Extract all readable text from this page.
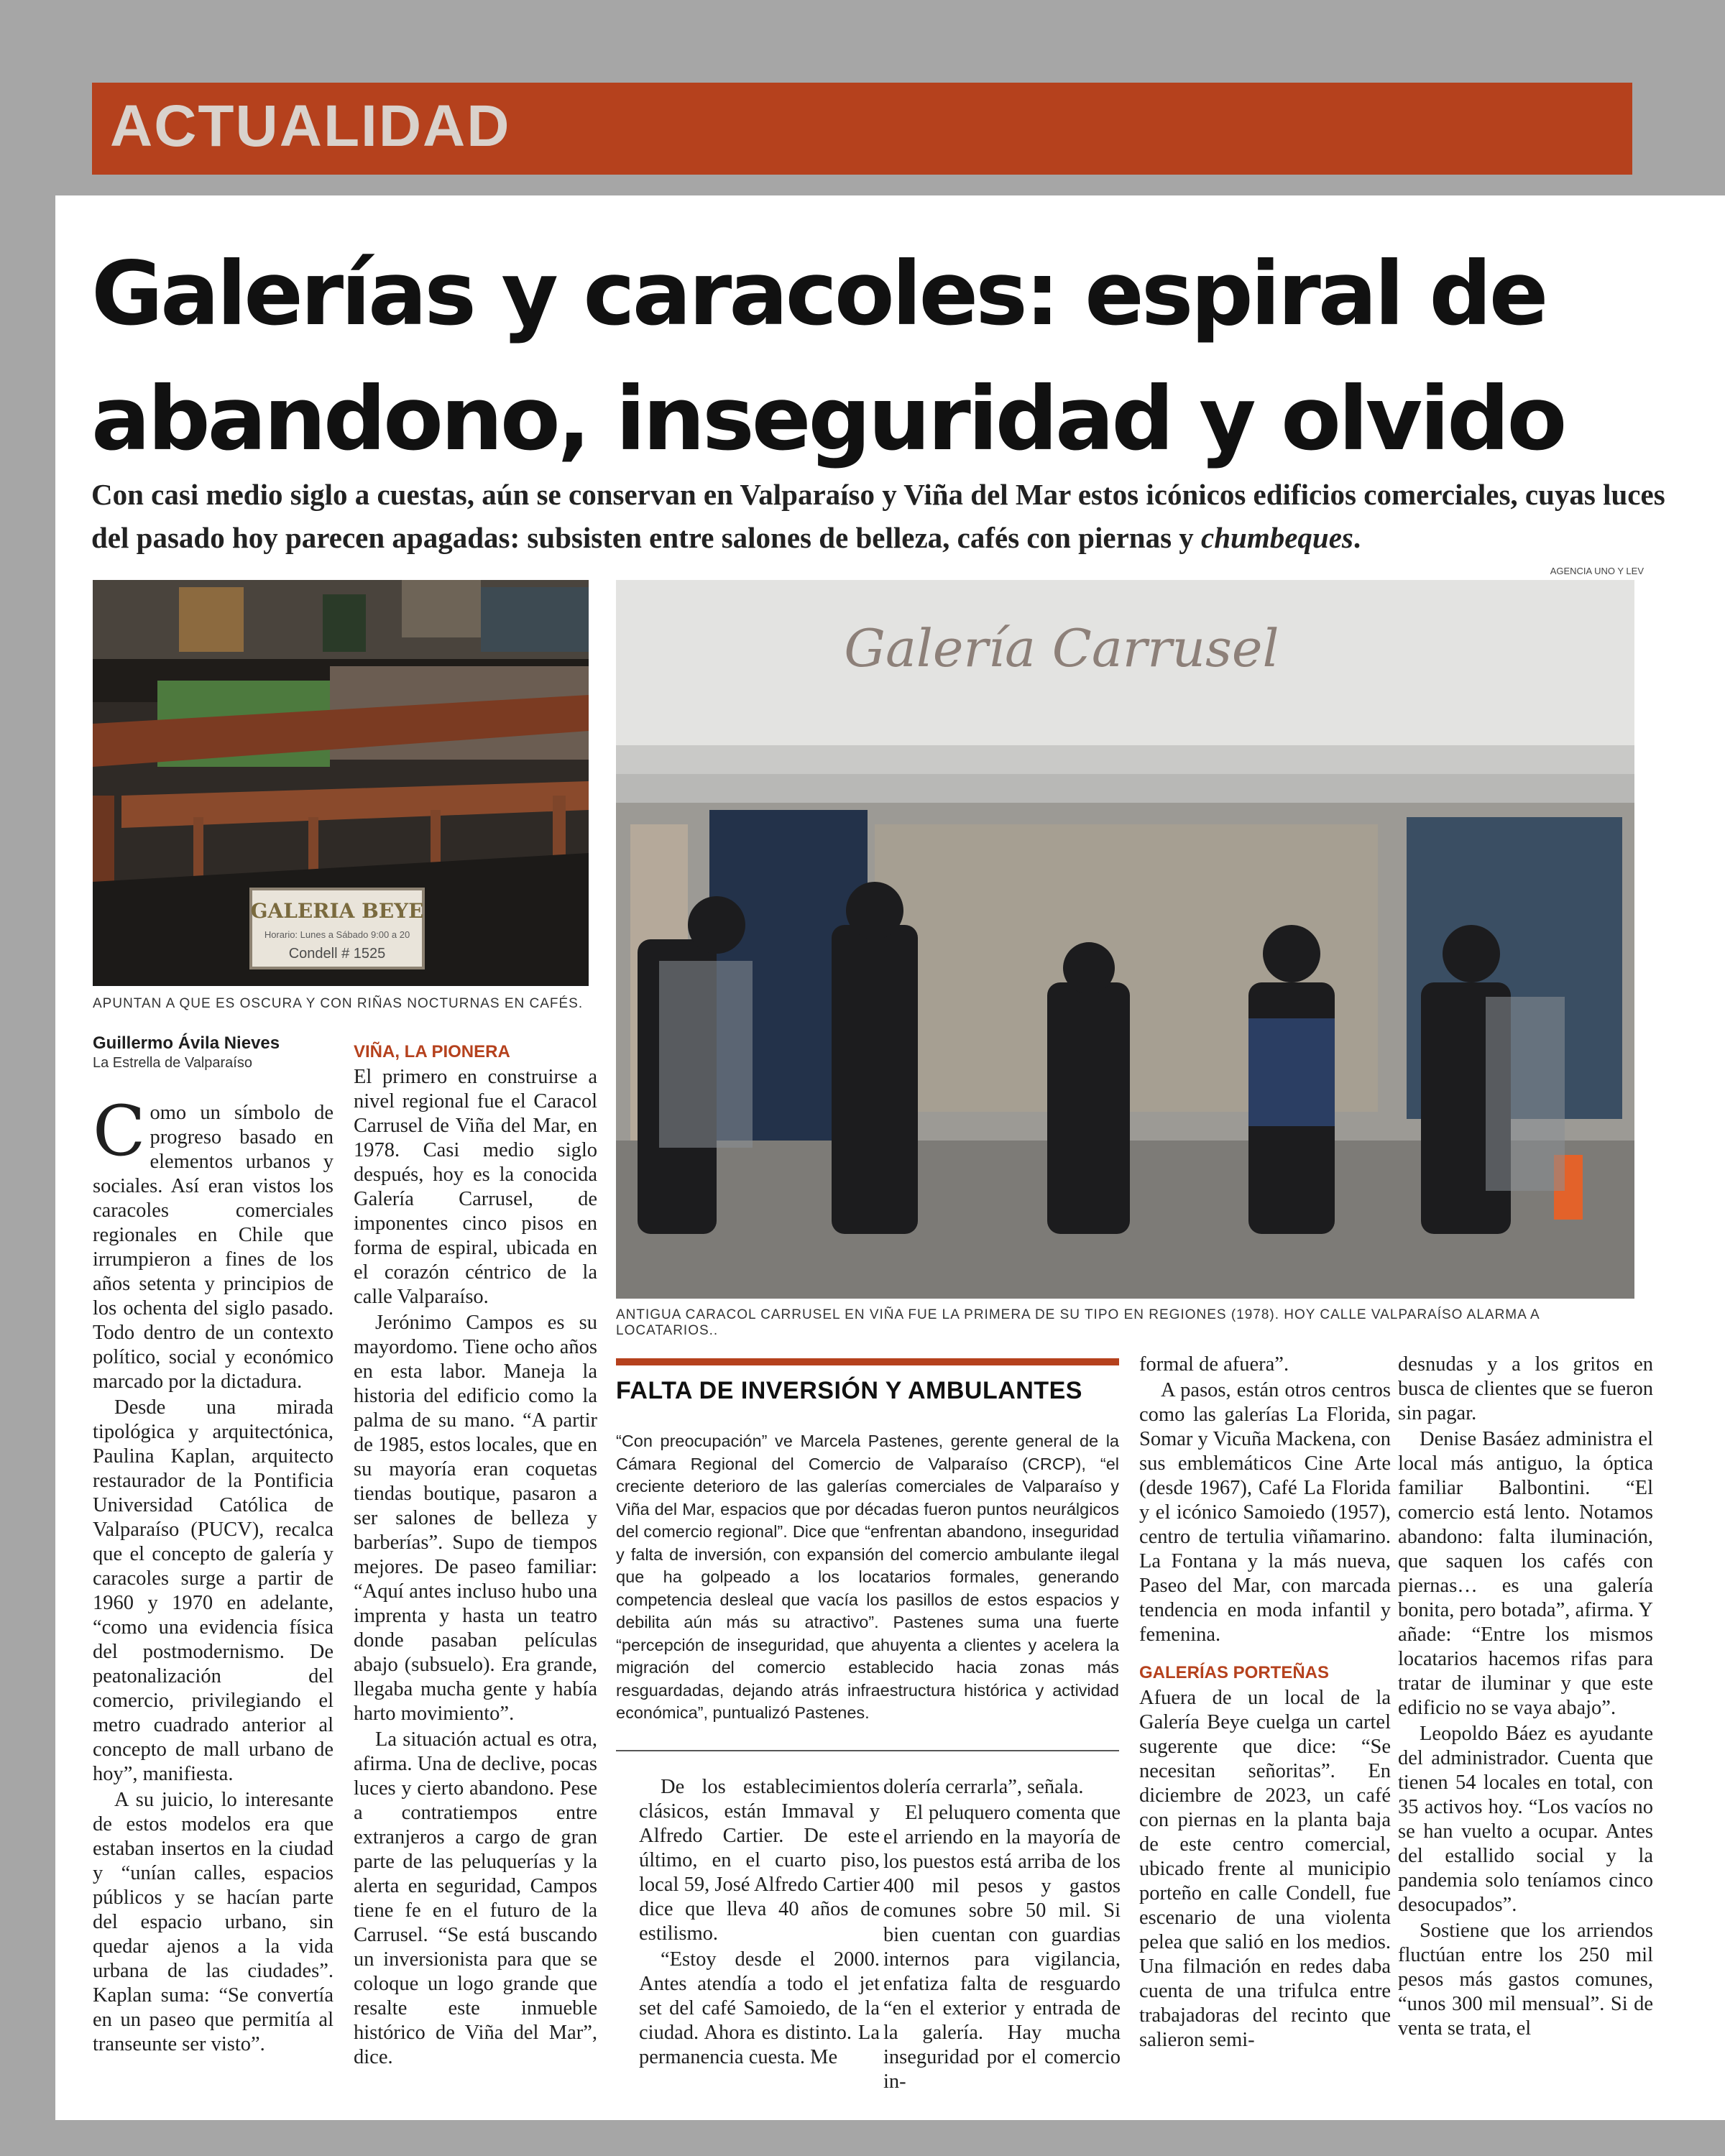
ACTUALIDAD
Galerías y caracoles: espiral de
abandono, inseguridad y olvido

Con casi medio siglo a cuestas, aún se conservan en Valparaíso y Viña del Mar estos icónicos edificios comerciales, cuyas luces del pasado hoy parecen apagadas: subsisten entre salones de belleza, cafés con piernas y chumbeques.

AGENCIA UNO Y LEV
GALERIA BEYE
Horario: Lunes a Sábado 9:00 a 20
Condell # 1525
APUNTAN A QUE ES OSCURA Y CON RIÑAS NOCTURNAS EN CAFÉS.
Galería Carrusel
ANTIGUA CARACOL CARRUSEL EN VIÑA FUE LA PRIMERA DE SU TIPO EN REGIONES (1978). HOY CALLE VALPARAÍSO ALARMA A LOCATARIOS..
Guillermo Ávila Nieves
La Estrella de Valparaíso

Como un símbolo de progreso basado en elementos urbanos y sociales. Así eran vistos los caracoles comerciales regionales en Chile que irrumpieron a fines de los años setenta y principios de los ochenta del siglo pasado. Todo dentro de un contexto político, social y económico marcado por la dictadura.

Desde una mirada tipológica y arquitectónica, Paulina Kaplan, arquitecto restaurador de la Pontificia Universidad Católica de Valparaíso (PUCV), recalca que el concepto de galería y caracoles surge a partir de 1960 y 1970 en adelante, “como una evidencia física del postmodernismo. De peatonalización del comercio, privilegiando el metro cuadrado anterior al concepto de mall urbano de hoy”, manifiesta.

A su juicio, lo interesante de estos modelos era que estaban insertos en la ciudad y “unían calles, espacios públicos y se hacían parte del espacio urbano, sin quedar ajenos a la vida urbana de las ciudades”. Kaplan suma: “Se convertía en un paseo que permitía al transeunte ser visto”.

VIÑA, LA PIONERA

El primero en construirse a nivel regional fue el Caracol Carrusel de Viña del Mar, en 1978. Casi medio siglo después, hoy es la conocida Galería Carrusel, de imponentes cinco pisos en forma de espiral, ubicada en el corazón céntrico de la calle Valparaíso.

Jerónimo Campos es su mayordomo. Tiene ocho años en esta labor. Maneja la historia del edificio como la palma de su mano. “A partir de 1985, estos locales, que en su mayoría eran coquetas tiendas boutique, pasaron a ser salones de belleza y barberías”. Supo de tiempos mejores. De paseo familiar: “Aquí antes incluso hubo una imprenta y hasta un teatro donde pasaban películas abajo (subsuelo). Era grande, llegaba mucha gente y había harto movimiento”.

La situación actual es otra, afirma. Una de declive, pocas luces y cierto abandono. Pese a contratiempos entre extranjeros a cargo de gran parte de las peluquerías y la alerta en seguridad, Campos tiene fe en el futuro de la Carrusel. “Se está buscando un inversionista para que se coloque un logo grande que resalte este inmueble histórico de Viña del Mar”, dice.

FALTA DE INVERSIÓN Y AMBULANTES
“Con preocupación” ve Marcela Pastenes, gerente general de la Cámara Regional del Comercio de Valparaíso (CRCP), “el creciente deterioro de las galerías comerciales de Valparaíso y Viña del Mar, espacios que por décadas fueron puntos neurálgicos del comercio regional”. Dice que “enfrentan abandono, inseguridad y falta de inversión, con expansión del comercio ambulante ilegal que ha golpeado a los locatarios formales, generando competencia desleal que vacía los pasillos de estos espacios y debilita aún más su atractivo”. Pastenes suma una fuerte “percepción de inseguridad, que ahuyenta a clientes y acelera la migración del comercio establecido hacia zonas más resguardadas, dejando atrás infraestructura histórica y actividad económica”, puntualizó Pastenes.

De los establecimientos clásicos, están Immaval y Alfredo Cartier. De este último, en el cuarto piso, local 59, José Alfredo Cartier dice que lleva 40 años de estilismo.

“Estoy desde el 2000. Antes atendía a todo el jet set del café Samoiedo, de la ciudad. Ahora es distinto. La permanencia cuesta. Me

dolería cerrarla”, señala.

El peluquero comenta que el arriendo en la mayoría de los puestos está arriba de los 400 mil pesos y gastos comunes sobre 50 mil. Si bien cuentan con guardias internos para vigilancia, enfatiza falta de resguardo “en el exterior y entrada de la galería. Hay mucha inseguridad por el comercio in-

formal de afuera”.

A pasos, están otros centros como las galerías La Florida, Somar y Vicuña Mackena, con sus emblemáticos Cine Arte (desde 1967), Café La Florida y el icónico Samoiedo (1957), centro de tertulia viñamarino. La Fontana y la más nueva, Paseo del Mar, con marcada tendencia en moda infantil y femenina.

GALERÍAS PORTEÑAS

Afuera de un local de la Galería Beye cuelga un cartel sugerente que dice: “Se necesitan señoritas”. En diciembre de 2023, un café con piernas en la planta baja de este centro comercial, ubicado frente al municipio porteño en calle Condell, fue escenario de una violenta pelea que salió en los medios. Una filmación en redes daba cuenta de una trifulca entre trabajadoras del recinto que salieron semi-

desnudas y a los gritos en busca de clientes que se fueron sin pagar.

Denise Basáez administra el local más antiguo, la óptica familiar Balbontini. “El comercio está lento. Notamos abandono: falta iluminación, que saquen los cafés con piernas… es una galería bonita, pero botada”, afirma. Y añade: “Entre los mismos locatarios hacemos rifas para tratar de iluminar y que este edificio no se vaya abajo”.

Leopoldo Báez es ayudante del administrador. Cuenta que tienen 54 locales en total, con 35 activos hoy. “Los vacíos no se han vuelto a ocupar. Antes del estallido social y la pandemia solo teníamos cinco desocupados”.

Sostiene que los arriendos fluctúan entre los 250 mil pesos más gastos comunes, “unos 300 mil mensual”. Si de venta se trata, el
